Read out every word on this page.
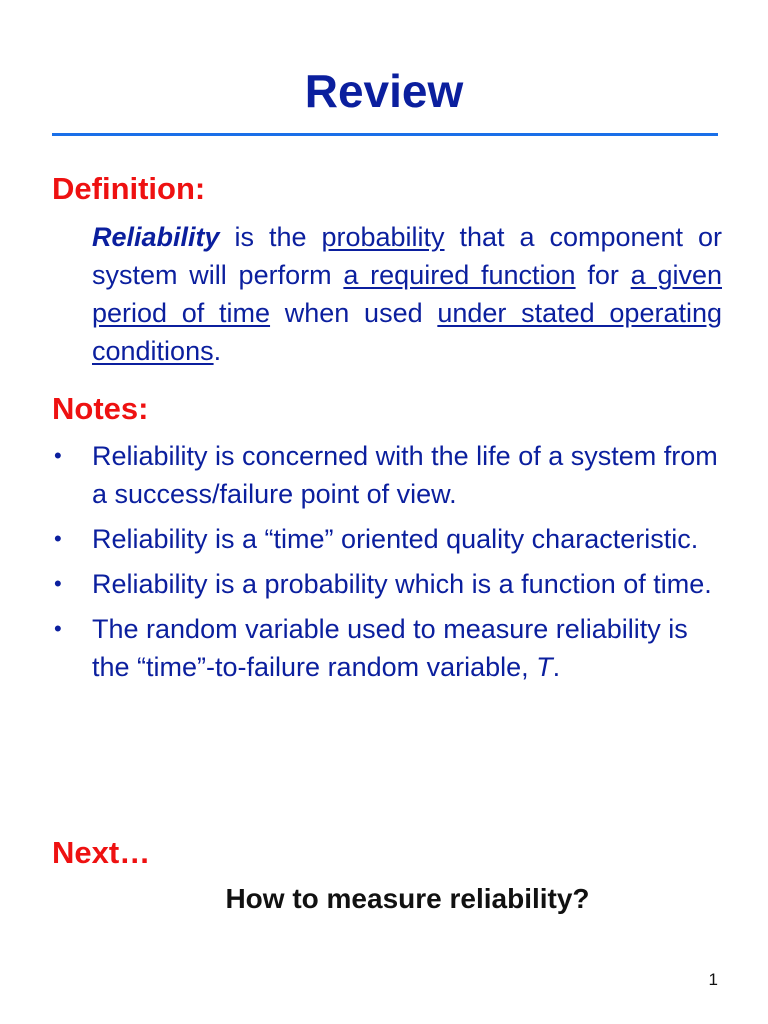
Review
Definition:
Reliability is the probability that a component or system will perform a required function for a given period of time when used under stated operating conditions.
Notes:
• Reliability is concerned with the life of a system from a success/failure point of view.
• Reliability is a “time” oriented quality characteristic.
• Reliability is a probability which is a function of time.
• The random variable used to measure reliability is the “time”-to-failure random variable, T.
Next…
How to measure reliability?
1
